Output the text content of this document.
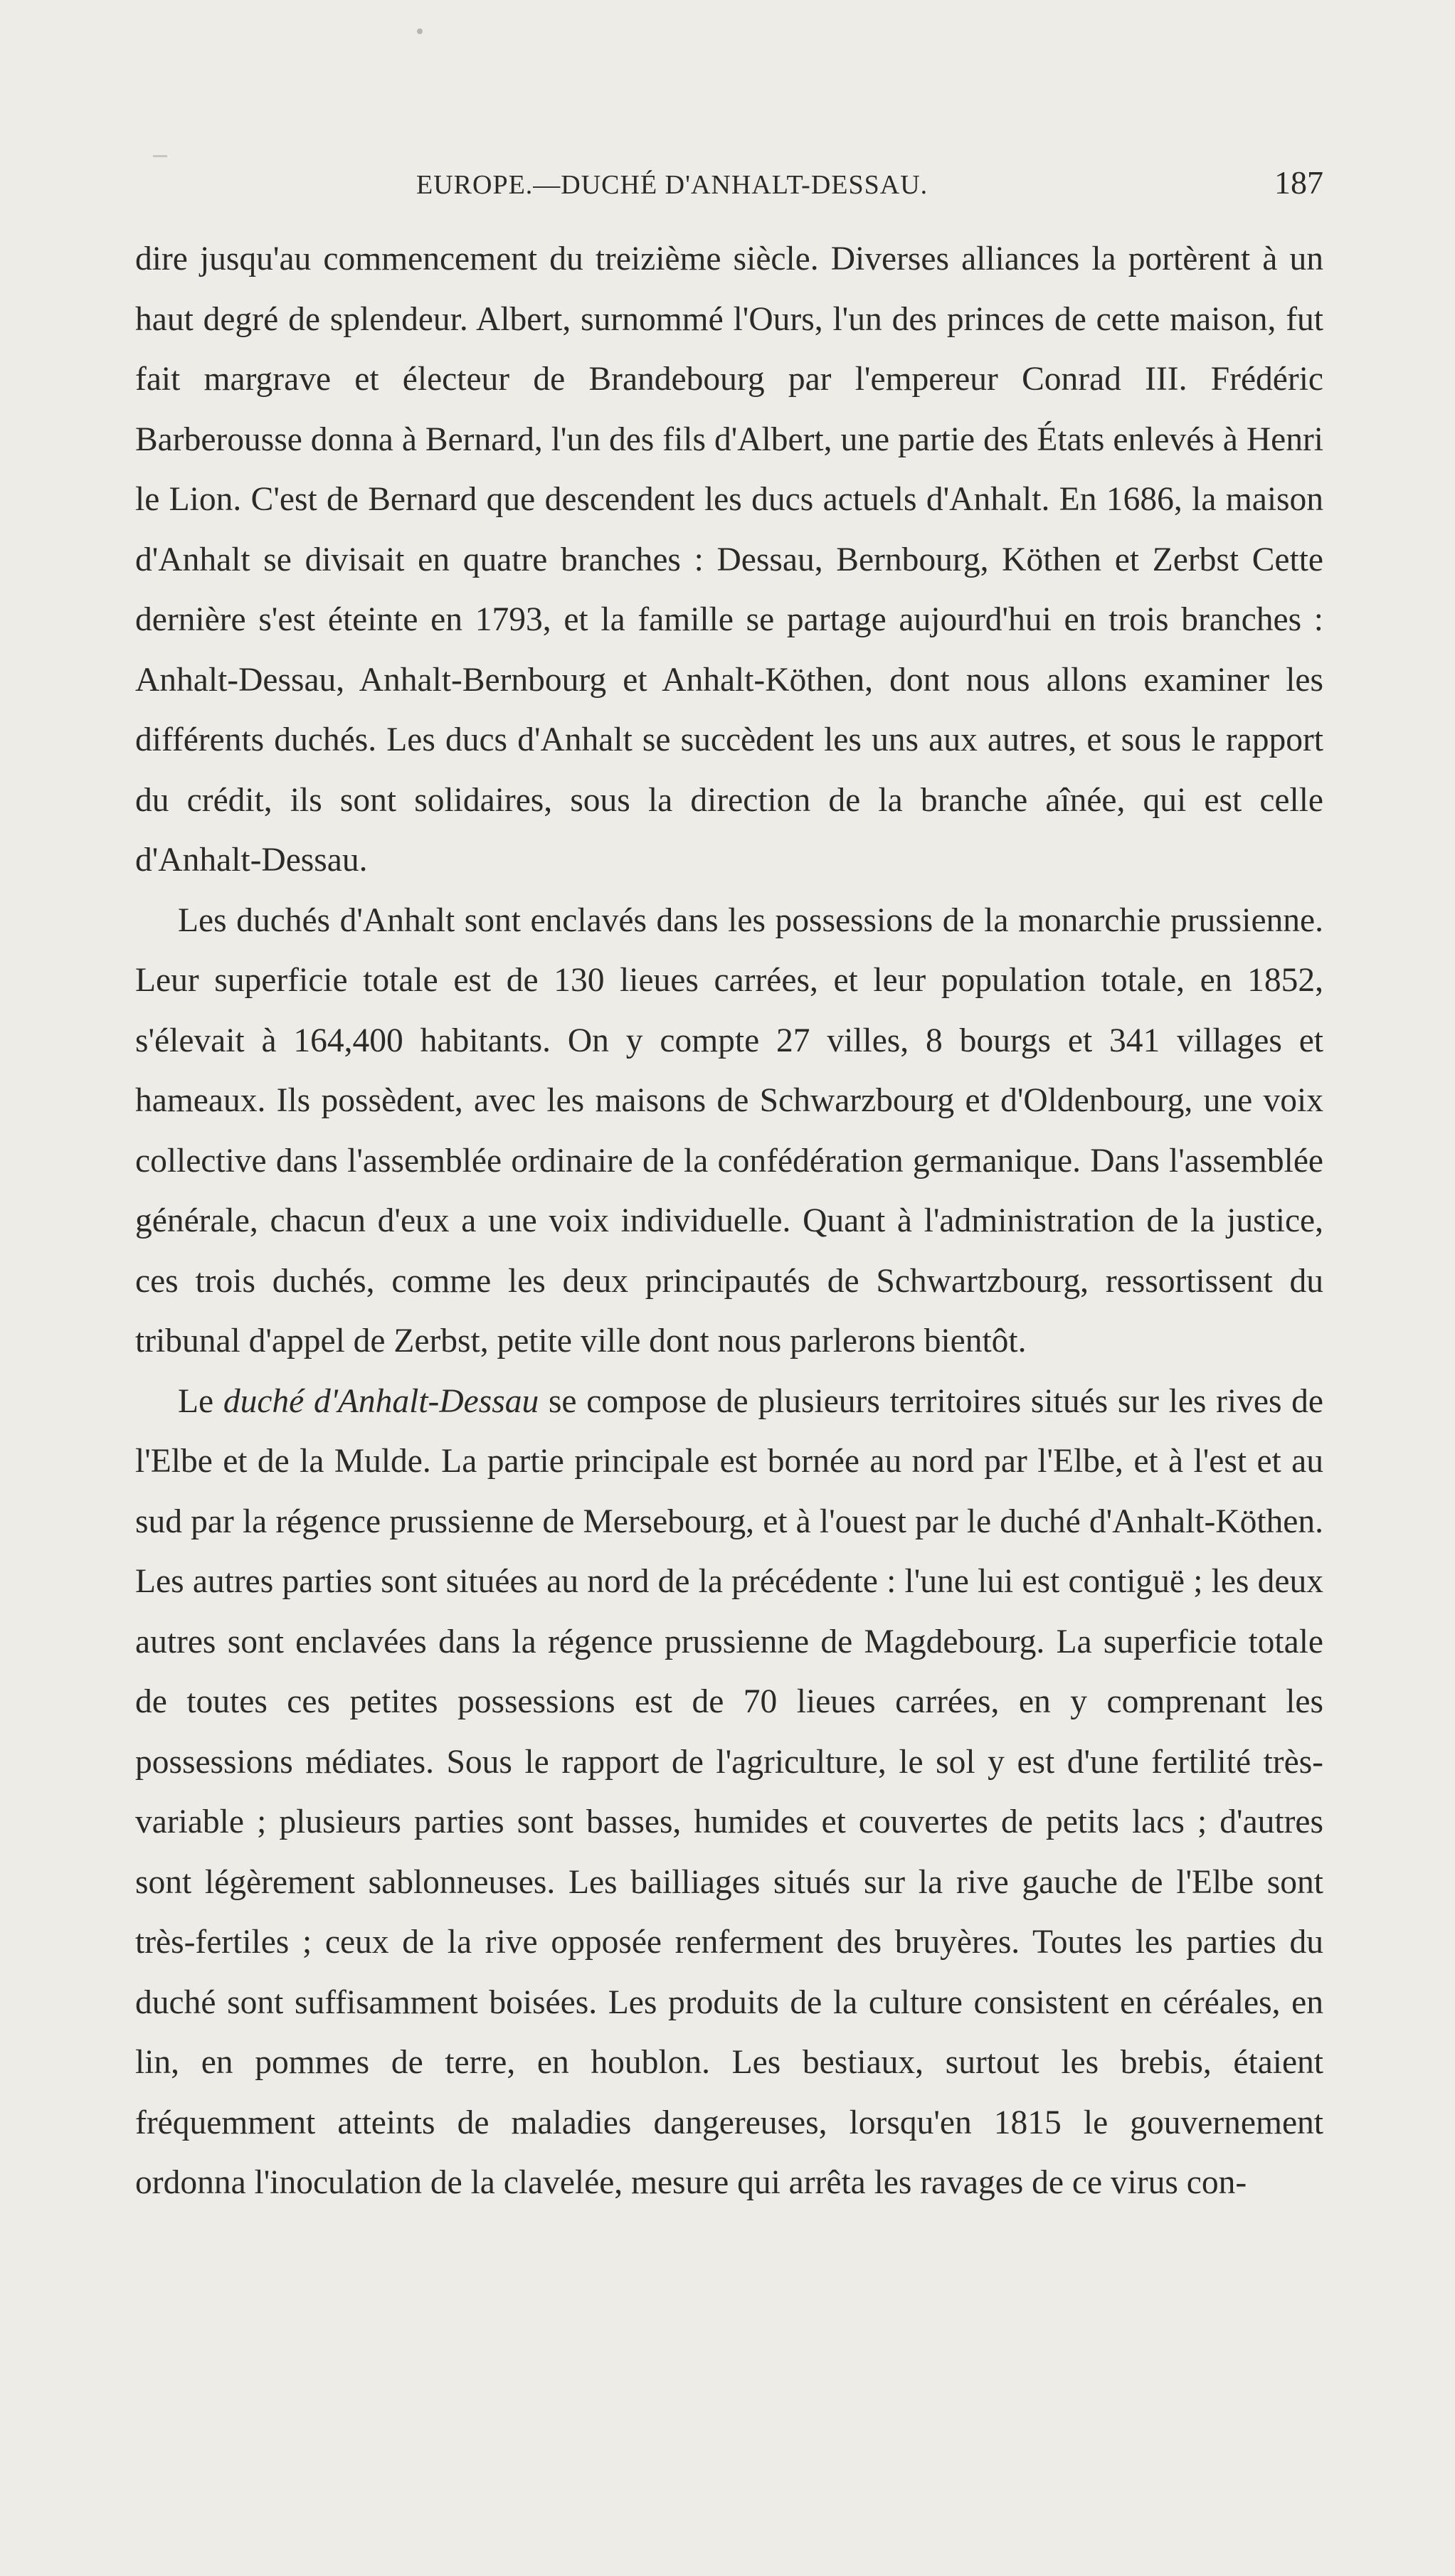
EUROPE.—DUCHÉ D'ANHALT-DESSAU.	187

dire jusqu'au commencement du treizième siècle. Diverses alliances la portèrent à un haut degré de splendeur. Albert, surnommé l'Ours, l'un des princes de cette maison, fut fait margrave et électeur de Brandebourg par l'empereur Conrad III. Frédéric Barberousse donna à Bernard, l'un des fils d'Albert, une partie des États enlevés à Henri le Lion. C'est de Bernard que descendent les ducs actuels d'Anhalt. En 1686, la maison d'Anhalt se divisait en quatre branches : Dessau, Bernbourg, Köthen et Zerbst Cette dernière s'est éteinte en 1793, et la famille se partage aujourd'hui en trois branches : Anhalt-Dessau, Anhalt-Bernbourg et Anhalt-Köthen, dont nous allons examiner les différents duchés. Les ducs d'Anhalt se succèdent les uns aux autres, et sous le rapport du crédit, ils sont solidaires, sous la direction de la branche aînée, qui est celle d'Anhalt-Dessau.

Les duchés d'Anhalt sont enclavés dans les possessions de la monarchie prussienne. Leur superficie totale est de 130 lieues carrées, et leur population totale, en 1852, s'élevait à 164,400 habitants. On y compte 27 villes, 8 bourgs et 341 villages et hameaux. Ils possèdent, avec les maisons de Schwarzbourg et d'Oldenbourg, une voix collective dans l'assemblée ordinaire de la confédération germanique. Dans l'assemblée générale, chacun d'eux a une voix individuelle. Quant à l'administration de la justice, ces trois duchés, comme les deux principautés de Schwartzbourg, ressortissent du tribunal d'appel de Zerbst, petite ville dont nous parlerons bientôt.

Le duché d'Anhalt-Dessau se compose de plusieurs territoires situés sur les rives de l'Elbe et de la Mulde. La partie principale est bornée au nord par l'Elbe, et à l'est et au sud par la régence prussienne de Mersebourg, et à l'ouest par le duché d'Anhalt-Köthen. Les autres parties sont situées au nord de la précédente : l'une lui est contiguë ; les deux autres sont enclavées dans la régence prussienne de Magdebourg. La superficie totale de toutes ces petites possessions est de 70 lieues carrées, en y comprenant les possessions médiates. Sous le rapport de l'agriculture, le sol y est d'une fertilité très-variable ; plusieurs parties sont basses, humides et couvertes de petits lacs ; d'autres sont légèrement sablonneuses. Les bailliages situés sur la rive gauche de l'Elbe sont très-fertiles ; ceux de la rive opposée renferment des bruyères. Toutes les parties du duché sont suffisamment boisées. Les produits de la culture consistent en céréales, en lin, en pommes de terre, en houblon. Les bestiaux, surtout les brebis, étaient fréquemment atteints de maladies dangereuses, lorsqu'en 1815 le gouvernement ordonna l'inoculation de la clavelée, mesure qui arrêta les ravages de ce virus con-
